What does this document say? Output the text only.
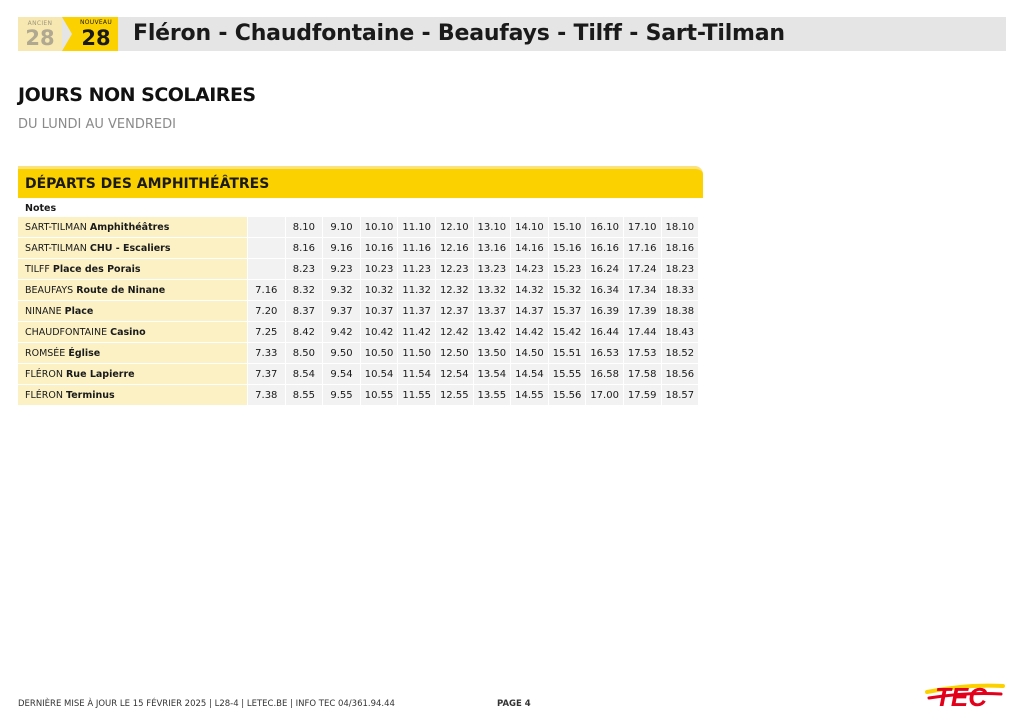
ANCIEN
28
NOUVEAU
28 Fléron - Chaudfontaine - Beaufays - Tilff - Sart-Tilman
JOURS NON SCOLAIRES
DU LUNDI AU VENDREDI
DÉPARTS DES AMPHITHÉÂTRES
Notes
SART-TILMAN Amphithéâtres		8.10	9.10	10.10	11.10	12.10	13.10	14.10	15.10	16.10	17.10	18.10
SART-TILMAN CHU - Escaliers		8.16	9.16	10.16	11.16	12.16	13.16	14.16	15.16	16.16	17.16	18.16
TILFF Place des Porais		8.23	9.23	10.23	11.23	12.23	13.23	14.23	15.23	16.24	17.24	18.23
BEAUFAYS Route de Ninane	7.16	8.32	9.32	10.32	11.32	12.32	13.32	14.32	15.32	16.34	17.34	18.33
NINANE Place	7.20	8.37	9.37	10.37	11.37	12.37	13.37	14.37	15.37	16.39	17.39	18.38
CHAUDFONTAINE Casino	7.25	8.42	9.42	10.42	11.42	12.42	13.42	14.42	15.42	16.44	17.44	18.43
ROMSÉE Église	7.33	8.50	9.50	10.50	11.50	12.50	13.50	14.50	15.51	16.53	17.53	18.52
FLÉRON Rue Lapierre	7.37	8.54	9.54	10.54	11.54	12.54	13.54	14.54	15.55	16.58	17.58	18.56
FLÉRON Terminus	7.38	8.55	9.55	10.55	11.55	12.55	13.55	14.55	15.56	17.00	17.59	18.57
DERNIÈRE MISE À JOUR LE 15 FÉVRIER 2025 | L28-4 | LETEC.BE | INFO TEC 04/361.94.44	PAGE 4	TEC
